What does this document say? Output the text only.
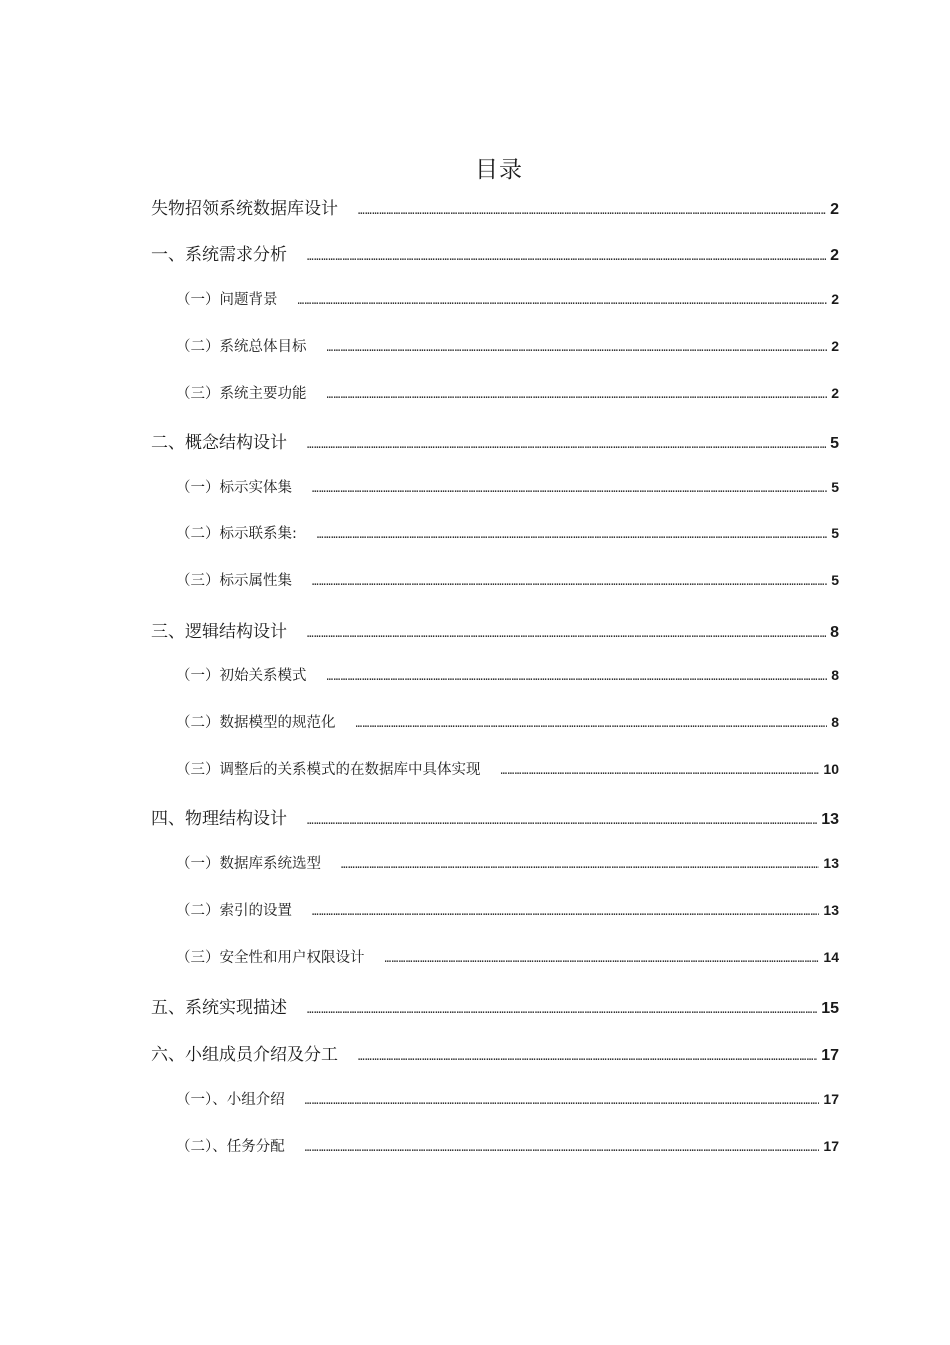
目录
失物招领系统数据库设计 …………………………………………………………………………………………………………………………………………………………………………………………………………………………	2
一、系统需求分析 …………………………………………………………………………………………………………………………………………………………………………………………………………………………	2
（一）问题背景 …………………………………………………………………………………………………………………………………………………………………………………………………………………………	2
（二）系统总体目标 …………………………………………………………………………………………………………………………………………………………………………………………………………………………	2
（三）系统主要功能 …………………………………………………………………………………………………………………………………………………………………………………………………………………………	2
二、概念结构设计 …………………………………………………………………………………………………………………………………………………………………………………………………………………………	5
（一）标示实体集 …………………………………………………………………………………………………………………………………………………………………………………………………………………………	5
（二）标示联系集: …………………………………………………………………………………………………………………………………………………………………………………………………………………………	5
（三）标示属性集 …………………………………………………………………………………………………………………………………………………………………………………………………………………………	5
三、逻辑结构设计 …………………………………………………………………………………………………………………………………………………………………………………………………………………………	8
（一）初始关系模式 …………………………………………………………………………………………………………………………………………………………………………………………………………………………	8
（二）数据模型的规范化 …………………………………………………………………………………………………………………………………………………………………………………………………………………………	8
（三）调整后的关系模式的在数据库中具体实现 …………………………………………………………………………………………………………………………………………………………………………………………………………………………	10
四、物理结构设计 …………………………………………………………………………………………………………………………………………………………………………………………………………………………	13
（一）数据库系统选型 …………………………………………………………………………………………………………………………………………………………………………………………………………………………	13
（二）索引的设置 …………………………………………………………………………………………………………………………………………………………………………………………………………………………	13
（三）安全性和用户权限设计 …………………………………………………………………………………………………………………………………………………………………………………………………………………………	14
五、系统实现描述 …………………………………………………………………………………………………………………………………………………………………………………………………………………………	15
六、小组成员介绍及分工 …………………………………………………………………………………………………………………………………………………………………………………………………………………………	17
（一）、小组介绍 …………………………………………………………………………………………………………………………………………………………………………………………………………………………	17
（二）、任务分配 …………………………………………………………………………………………………………………………………………………………………………………………………………………………	17
